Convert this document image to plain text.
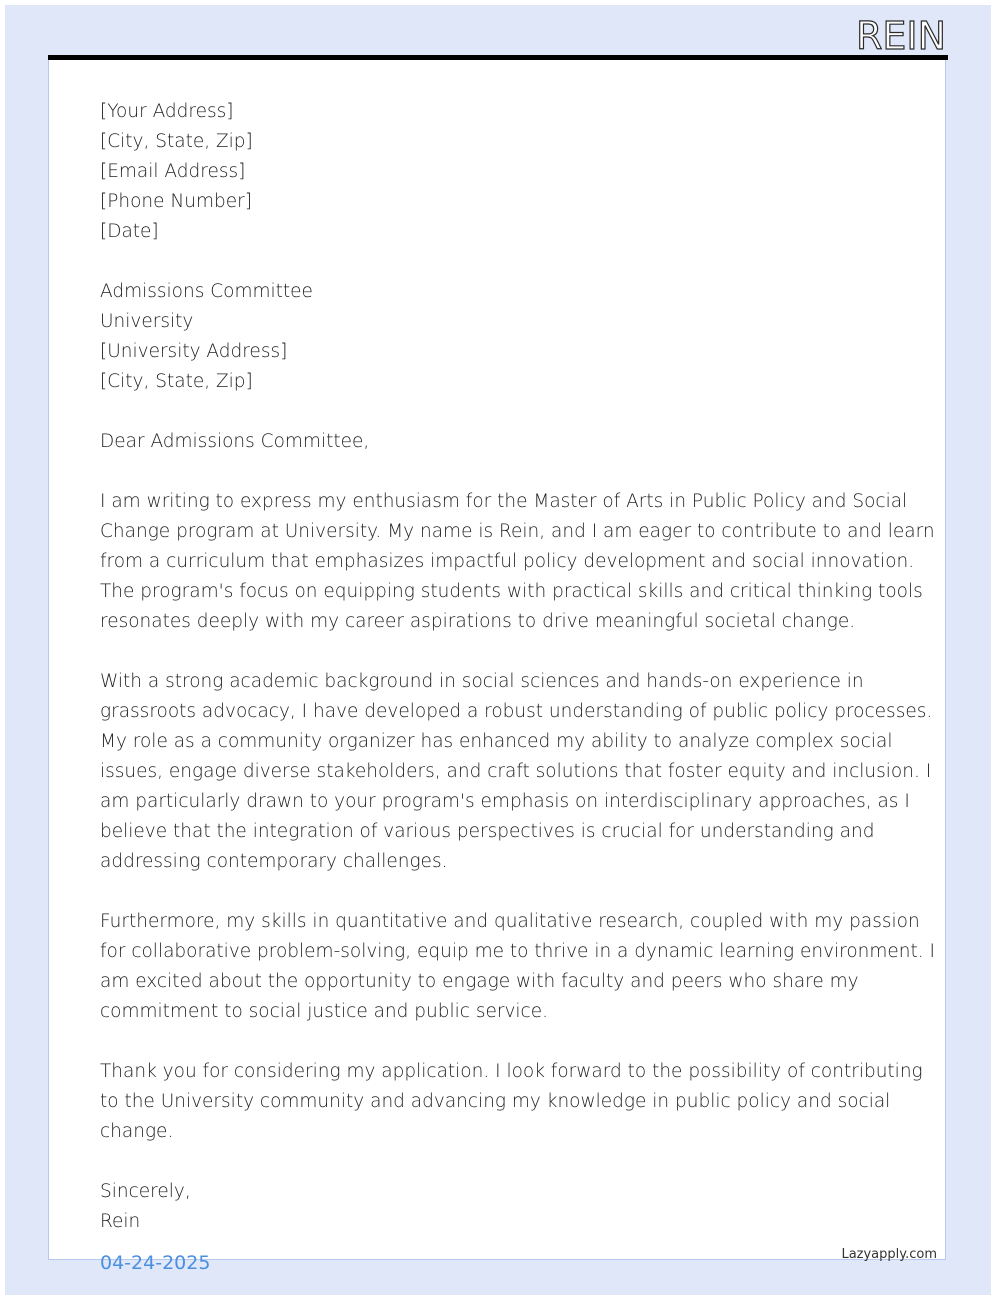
REIN
[Your Address]
[City, State, Zip]
[Email Address]
[Phone Number]
[Date]
Admissions Committee
University
[University Address]
[City, State, Zip]
Dear Admissions Committee,
I am writing to express my enthusiasm for the Master of Arts in Public Policy and Social
Change program at University. My name is Rein, and I am eager to contribute to and learn
from a curriculum that emphasizes impactful policy development and social innovation.
The program's focus on equipping students with practical skills and critical thinking tools
resonates deeply with my career aspirations to drive meaningful societal change.
With a strong academic background in social sciences and hands-on experience in
grassroots advocacy, I have developed a robust understanding of public policy processes.
My role as a community organizer has enhanced my ability to analyze complex social
issues, engage diverse stakeholders, and craft solutions that foster equity and inclusion. I
am particularly drawn to your program's emphasis on interdisciplinary approaches, as I
believe that the integration of various perspectives is crucial for understanding and
addressing contemporary challenges.
Furthermore, my skills in quantitative and qualitative research, coupled with my passion
for collaborative problem-solving, equip me to thrive in a dynamic learning environment. I
am excited about the opportunity to engage with faculty and peers who share my
commitment to social justice and public service.
Thank you for considering my application. I look forward to the possibility of contributing
to the University community and advancing my knowledge in public policy and social
change.
Sincerely,
Rein
04-24-2025	Lazyapply.com
